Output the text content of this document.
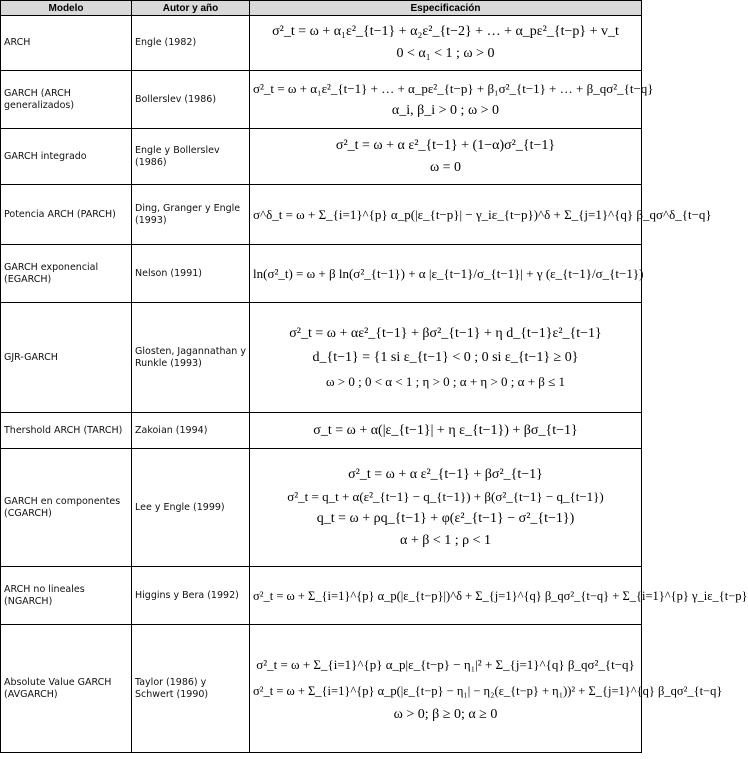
Modelo	Autor y año	Especificación
ARCH	Engle (1982)	σ²_t = ω + α₁ε²_{t−1} + α₂ε²_{t−2} + … + α_pε²_{t−p} + v_t
0 < α₁ < 1 ; ω > 0

GARCH (ARCH generalizados)	Bollerslev (1986)	σ²_t = ω + α₁ε²_{t−1} + … + α_pε²_{t−p} + β₁σ²_{t−1} + … + β_qσ²_{t−q}
α_i, β_i > 0 ; ω > 0

GARCH integrado	Engle y Bollerslev (1986)	σ²_t = ω + α ε²_{t−1} + (1−α)σ²_{t−1}
ω = 0

Potencia ARCH (PARCH)	Ding, Granger y Engle (1993)	σ^δ_t = ω + Σ_{i=1}^{p} α_p(|ε_{t−p}| − γ_iε_{t−p})^δ + Σ_{j=1}^{q} β_qσ^δ_{t−q}

GARCH exponencial (EGARCH)	Nelson (1991)	ln(σ²_t) = ω + β ln(σ²_{t−1}) + α |ε_{t−1}/σ_{t−1}| + γ (ε_{t−1}/σ_{t−1})

GJR-GARCH	Glosten, Jagannathan y Runkle (1993)	σ²_t = ω + αε²_{t−1} + βσ²_{t−1} + η d_{t−1}ε²_{t−1}
d_{t−1} = {1 si ε_{t−1} < 0 ; 0 si ε_{t−1} ≥ 0}
ω > 0 ; 0 < α < 1 ; η > 0 ; α + η > 0 ; α + β ≤ 1

Thershold ARCH (TARCH)	Zakoian (1994)	σ_t = ω + α(|ε_{t−1}| + η ε_{t−1}) + βσ_{t−1}

GARCH en componentes (CGARCH)	Lee y Engle (1999)	σ²_t = ω + α ε²_{t−1} + βσ²_{t−1}
σ²_t = q_t + α(ε²_{t−1} − q_{t−1}) + β(σ²_{t−1} − q_{t−1})
q_t = ω + ρq_{t−1} + φ(ε²_{t−1} − σ²_{t−1})
α + β < 1 ; ρ < 1

ARCH no lineales (NGARCH)	Higgins y Bera (1992)	σ²_t = ω + Σ_{i=1}^{p} α_p(|ε_{t−p}|)^δ + Σ_{j=1}^{q} β_qσ²_{t−q} + Σ_{i=1}^{p} γ_iε_{t−p}

Absolute Value GARCH (AVGARCH)	Taylor (1986) y Schwert (1990)	σ²_t = ω + Σ_{i=1}^{p} α_p|ε_{t−p} − η₁|² + Σ_{j=1}^{q} β_qσ²_{t−q}
σ²_t = ω + Σ_{i=1}^{p} α_p(|ε_{t−p} − η₁| − η₂(ε_{t−p} + η₁))² + Σ_{j=1}^{q} β_qσ²_{t−q}
ω > 0; β ≥ 0; α ≥ 0
